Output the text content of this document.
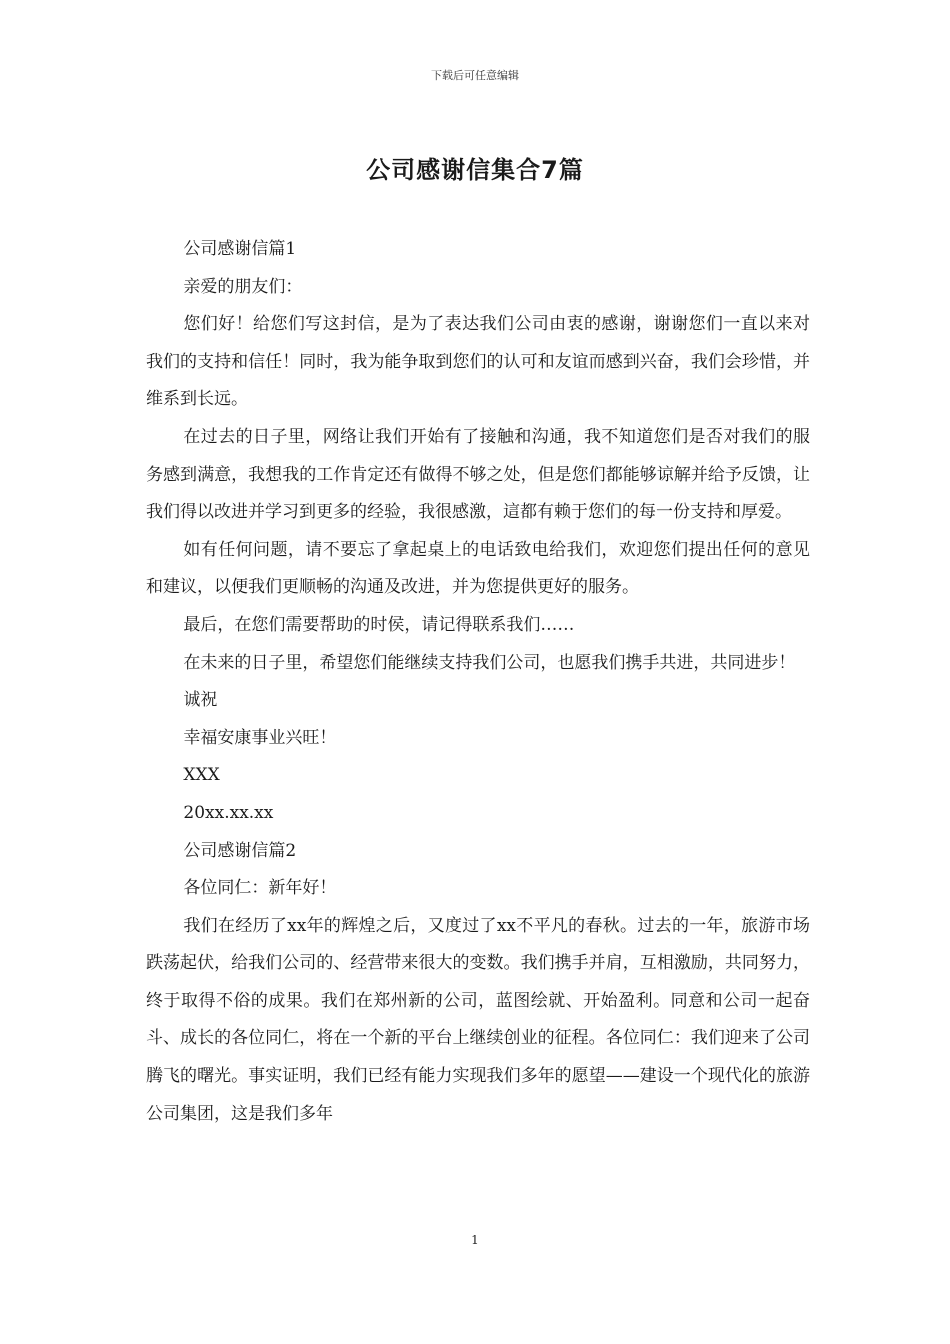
下载后可任意编辑
公司感谢信集合7篇

公司感谢信篇1

亲爱的朋友们：

您们好！给您们写这封信，是为了表达我们公司由衷的感谢，谢谢您们一直以来对我们的支持和信任！同时，我为能争取到您们的认可和友谊而感到兴奋，我们会珍惜，并维系到长远。

在过去的日子里，网络让我们开始有了接触和沟通，我不知道您们是否对我们的服务感到满意，我想我的工作肯定还有做得不够之处，但是您们都能够谅解并给予反馈，让我们得以改进并学习到更多的经验，我很感激，這都有赖于您们的每一份支持和厚爱。

如有任何问题，请不要忘了拿起桌上的电话致电给我们，欢迎您们提出任何的意见和建议，以便我们更顺畅的沟通及改进，并为您提供更好的服务。

最后，在您们需要帮助的时侯，请记得联系我们……

在未来的日子里，希望您们能继续支持我们公司，也愿我们携手共进，共同进步！

诚祝

幸福安康事业兴旺！

XXX

20xx.xx.xx

公司感谢信篇2

各位同仁：新年好！

我们在经历了xx年的辉煌之后，又度过了xx不平凡的春秋。过去的一年，旅游市场跌荡起伏，给我们公司的、经营带来很大的变数。我们携手并肩，互相激励，共同努力，终于取得不俗的成果。我们在郑州新的公司，蓝图绘就、开始盈利。同意和公司一起奋斗、成长的各位同仁，将在一个新的平台上继续创业的征程。各位同仁：我们迎来了公司腾飞的曙光。事实证明，我们已经有能力实现我们多年的愿望——建设一个现代化的旅游公司集团，这是我们多年

1
